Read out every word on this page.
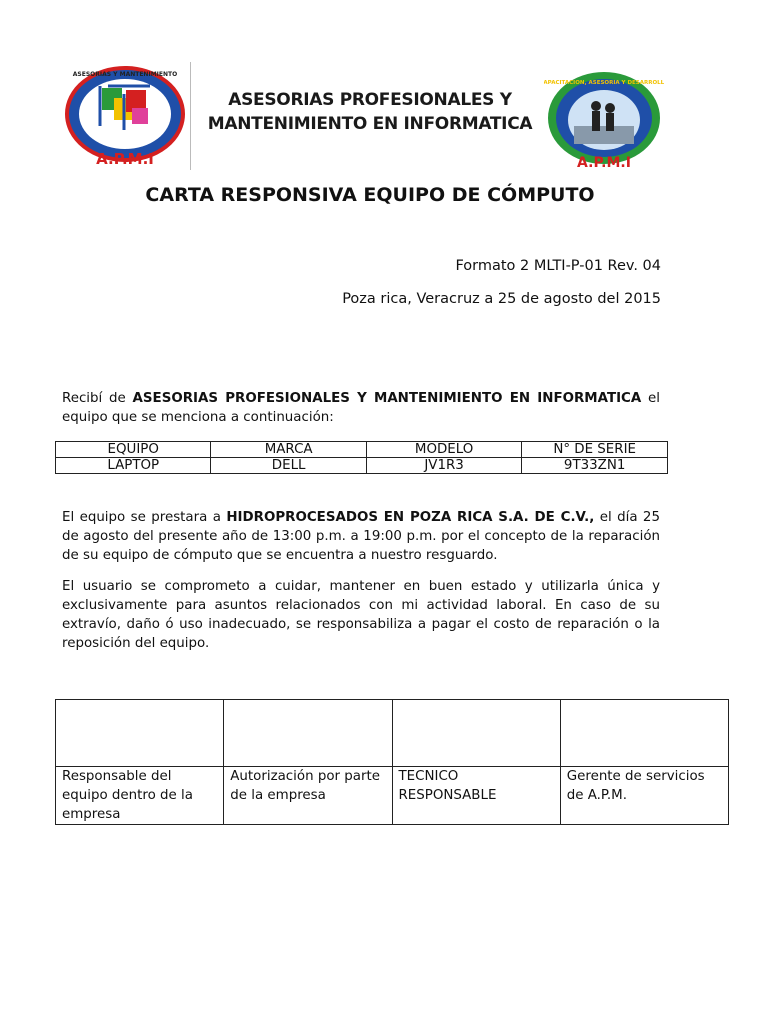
ASESORIAS Y MANTENIMIENTO
A.P.M.I
ASESORIAS PROFESIONALES Y
MANTENIMIENTO EN INFORMATICA
CAPACITACION, ASESORIA Y DESARROLLO
A.P.M.I
CARTA RESPONSIVA EQUIPO DE CÓMPUTO
Formato 2 MLTI-P-01 Rev. 04
Poza rica, Veracruz a 25 de agosto del 2015
Recibí de ASESORIAS PROFESIONALES Y MANTENIMIENTO EN INFORMATICA el equipo que se menciona a continuación:
EQUIPO	MARCA	MODELO	N° DE SERIE
LAPTOP	DELL	JV1R3	9T33ZN1
El equipo se prestara a HIDROPROCESADOS EN POZA RICA S.A. DE C.V., el día 25 de agosto del presente año de 13:00 p.m. a 19:00 p.m. por el concepto de la reparación de su equipo de cómputo que se encuentra a nuestro resguardo.
El usuario se comprometo a cuidar, mantener en buen estado y utilizarla única y exclusivamente para asuntos relacionados con mi actividad laboral. En caso de su extravío, daño ó uso inadecuado, se responsabiliza a pagar el costo de reparación o la reposición del equipo.

Responsable del equipo dentro de la empresa	Autorización por parte de la empresa	TECNICO RESPONSABLE	Gerente de servicios de A.P.M.
